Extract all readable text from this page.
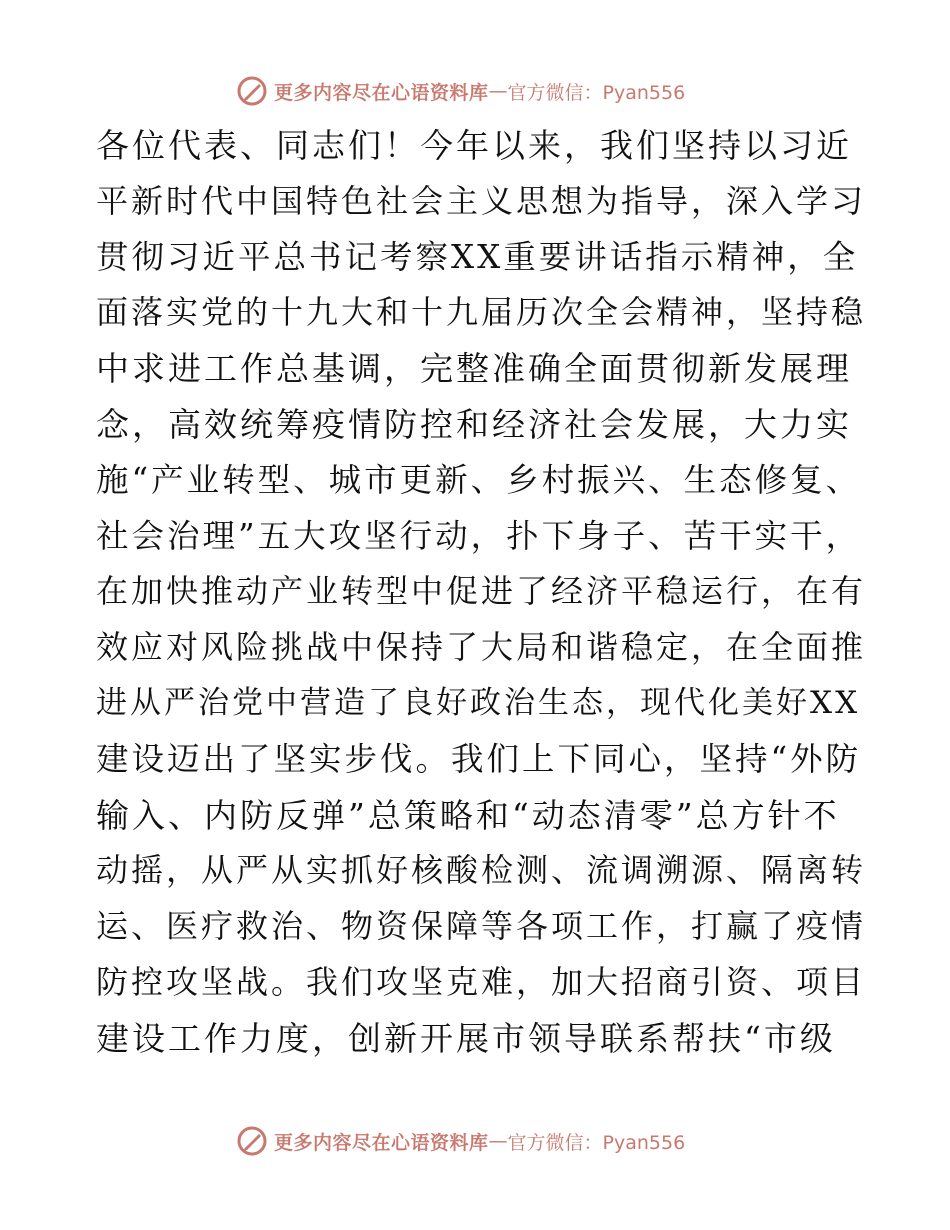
更多内容尽在心语资料库 — 官方微信：Pyan556
各位代表、同志们！今年以来，我们坚持以习近
平新时代中国特色社会主义思想为指导，深入学习
贯彻习近平总书记考察XX重要讲话指示精神，全
面落实党的十九大和十九届历次全会精神，坚持稳
中求进工作总基调，完整准确全面贯彻新发展理
念，高效统筹疫情防控和经济社会发展，大力实
施“产业转型、城市更新、乡村振兴、生态修复、
社会治理”五大攻坚行动，扑下身子、苦干实干，
在加快推动产业转型中促进了经济平稳运行，在有
效应对风险挑战中保持了大局和谐稳定，在全面推
进从严治党中营造了良好政治生态，现代化美好XX
建设迈出了坚实步伐。我们上下同心，坚持“外防
输入、内防反弹”总策略和“动态清零”总方针不
动摇，从严从实抓好核酸检测、流调溯源、隔离转
运、医疗救治、物资保障等各项工作，打赢了疫情
防控攻坚战。我们攻坚克难，加大招商引资、项目
建设工作力度，创新开展市领导联系帮扶“市级
更多内容尽在心语资料库 — 官方微信：Pyan556
